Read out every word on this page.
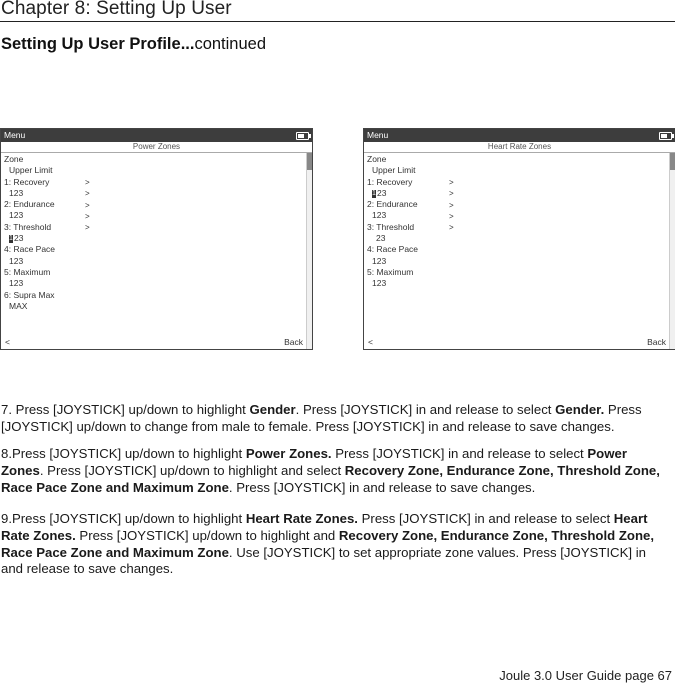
Chapter 8: Setting Up User
Setting Up User Profile...continued
Menu
Power Zones
Zone
Upper Limit
1: Recovery
123
2: Endurance
123
3: Threshold
123
4: Race Pace
123
5: Maximum
123
6: Supra Max
MAX
>
>
>
>
>
<	Back
Menu
Heart Rate Zones
Zone
Upper Limit
1: Recovery
123
2: Endurance
123
3: Threshold
23
4: Race Pace
123
5: Maximum
123
>
>
>
>
>
<	Back
7. Press [JOYSTICK] up/down to highlight Gender. Press [JOYSTICK] in and release to select Gender. Press [JOYSTICK] up/down to change from male to female. Press [JOYSTICK] in and release to save changes.
8.Press [JOYSTICK] up/down to highlight Power Zones. Press [JOYSTICK] in and release to select Power Zones. Press [JOYSTICK] up/down to highlight and select Recovery Zone, Endurance Zone, Threshold Zone, Race Pace Zone and Maximum Zone. Press [JOYSTICK] in and release to save changes.
9.Press [JOYSTICK] up/down to highlight Heart Rate Zones. Press [JOYSTICK] in and release to select Heart Rate Zones. Press [JOYSTICK] up/down to highlight and Recovery Zone, Endurance Zone, Threshold Zone, Race Pace Zone and Maximum Zone. Use [JOYSTICK] to set appropriate zone values. Press [JOYSTICK] in and release to save changes.
Joule 3.0 User Guide page 67
